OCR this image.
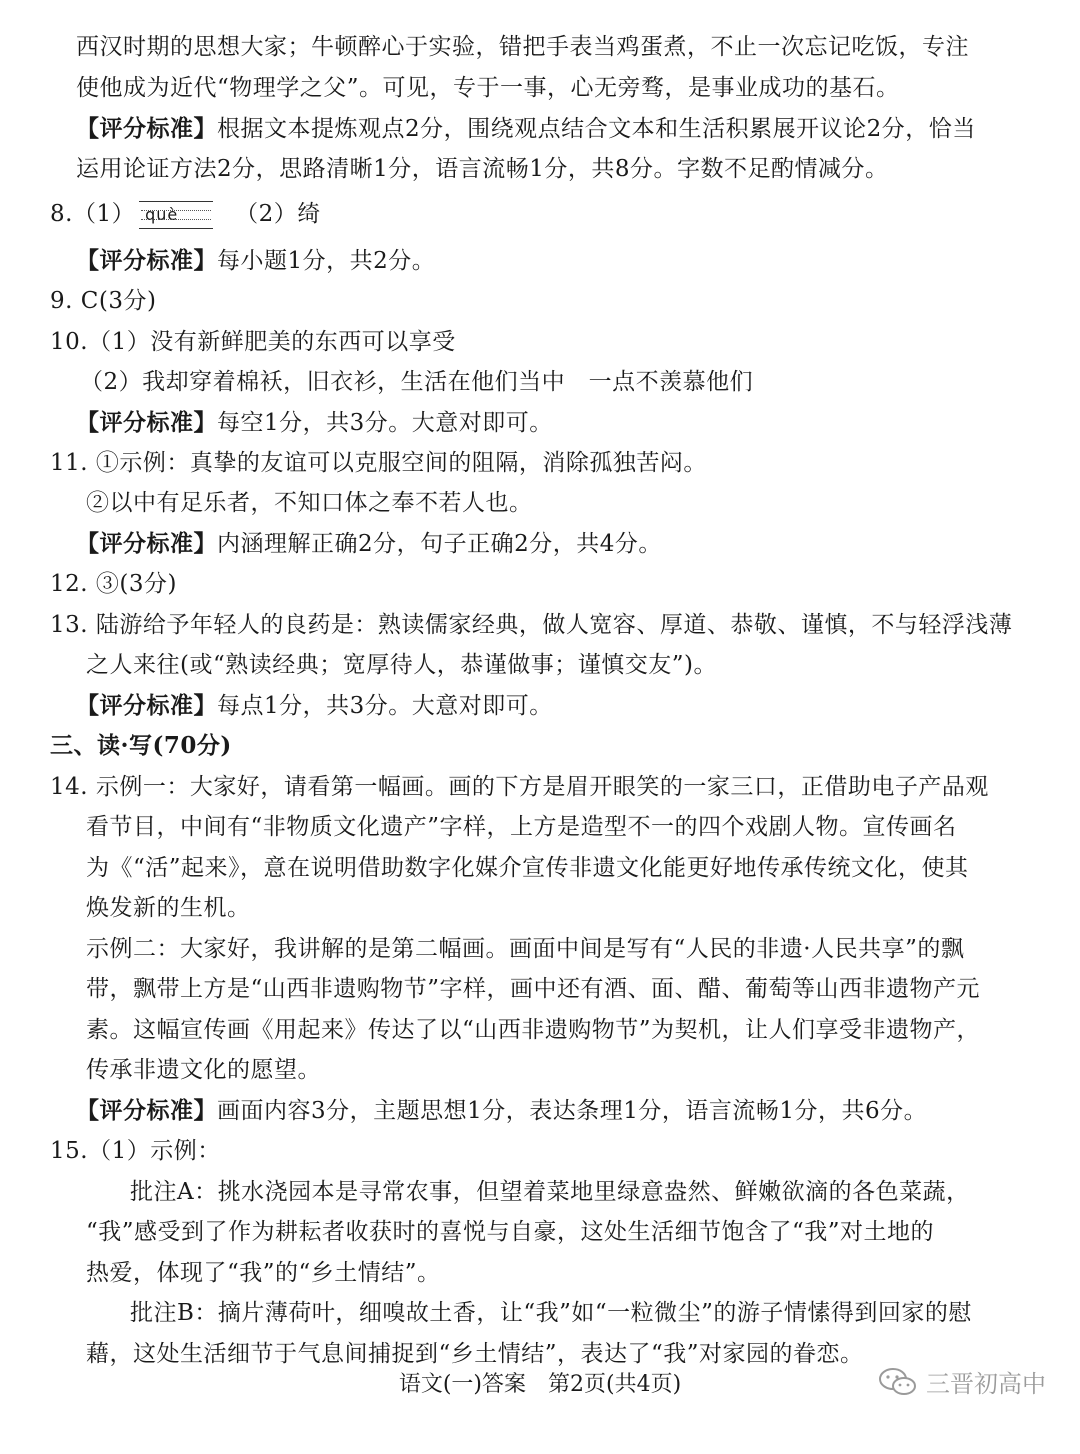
西汉时期的思想大家；牛顿醉心于实验，错把手表当鸡蛋煮，不止一次忘记吃饭，专注
使他成为近代“物理学之父”。可见，专于一事，心无旁骛，是事业成功的基石。
【评分标准】根据文本提炼观点2分，围绕观点结合文本和生活积累展开议论2分，恰当
运用论证方法2分，思路清晰1分，语言流畅1分，共8分。字数不足酌情减分。
8.（1） què （2）绮
【评分标准】每小题1分，共2分。
9. C(3分)
10.（1）没有新鲜肥美的东西可以享受
（2）我却穿着棉袄，旧衣衫，生活在他们当中　一点不羡慕他们
【评分标准】每空1分，共3分。大意对即可。
11. ①示例：真挚的友谊可以克服空间的阻隔，消除孤独苦闷。
②以中有足乐者，不知口体之奉不若人也。
【评分标准】内涵理解正确2分，句子正确2分，共4分。
12. ③(3分)
13. 陆游给予年轻人的良药是：熟读儒家经典，做人宽容、厚道、恭敬、谨慎，不与轻浮浅薄
之人来往(或“熟读经典；宽厚待人，恭谨做事；谨慎交友”)。
【评分标准】每点1分，共3分。大意对即可。
三、读·写(70分)
14. 示例一：大家好，请看第一幅画。画的下方是眉开眼笑的一家三口，正借助电子产品观
看节目，中间有“非物质文化遗产”字样，上方是造型不一的四个戏剧人物。宣传画名
为《“活”起来》，意在说明借助数字化媒介宣传非遗文化能更好地传承传统文化，使其
焕发新的生机。
示例二：大家好，我讲解的是第二幅画。画面中间是写有“人民的非遗·人民共享”的飘
带，飘带上方是“山西非遗购物节”字样，画中还有酒、面、醋、葡萄等山西非遗物产元
素。这幅宣传画《用起来》传达了以“山西非遗购物节”为契机，让人们享受非遗物产，
传承非遗文化的愿望。
【评分标准】画面内容3分，主题思想1分，表达条理1分，语言流畅1分，共6分。
15.（1）示例：
批注A：挑水浇园本是寻常农事，但望着菜地里绿意盎然、鲜嫩欲滴的各色菜蔬，
“我”感受到了作为耕耘者收获时的喜悦与自豪，这处生活细节饱含了“我”对土地的
热爱，体现了“我”的“乡土情结”。
批注B：摘片薄荷叶，细嗅故土香，让“我”如“一粒微尘”的游子情愫得到回家的慰
藉，这处生活细节于气息间捕捉到“乡土情结”，表达了“我”对家园的眷恋。
语文(一)答案　第2页(共4页)	三晋初高中
